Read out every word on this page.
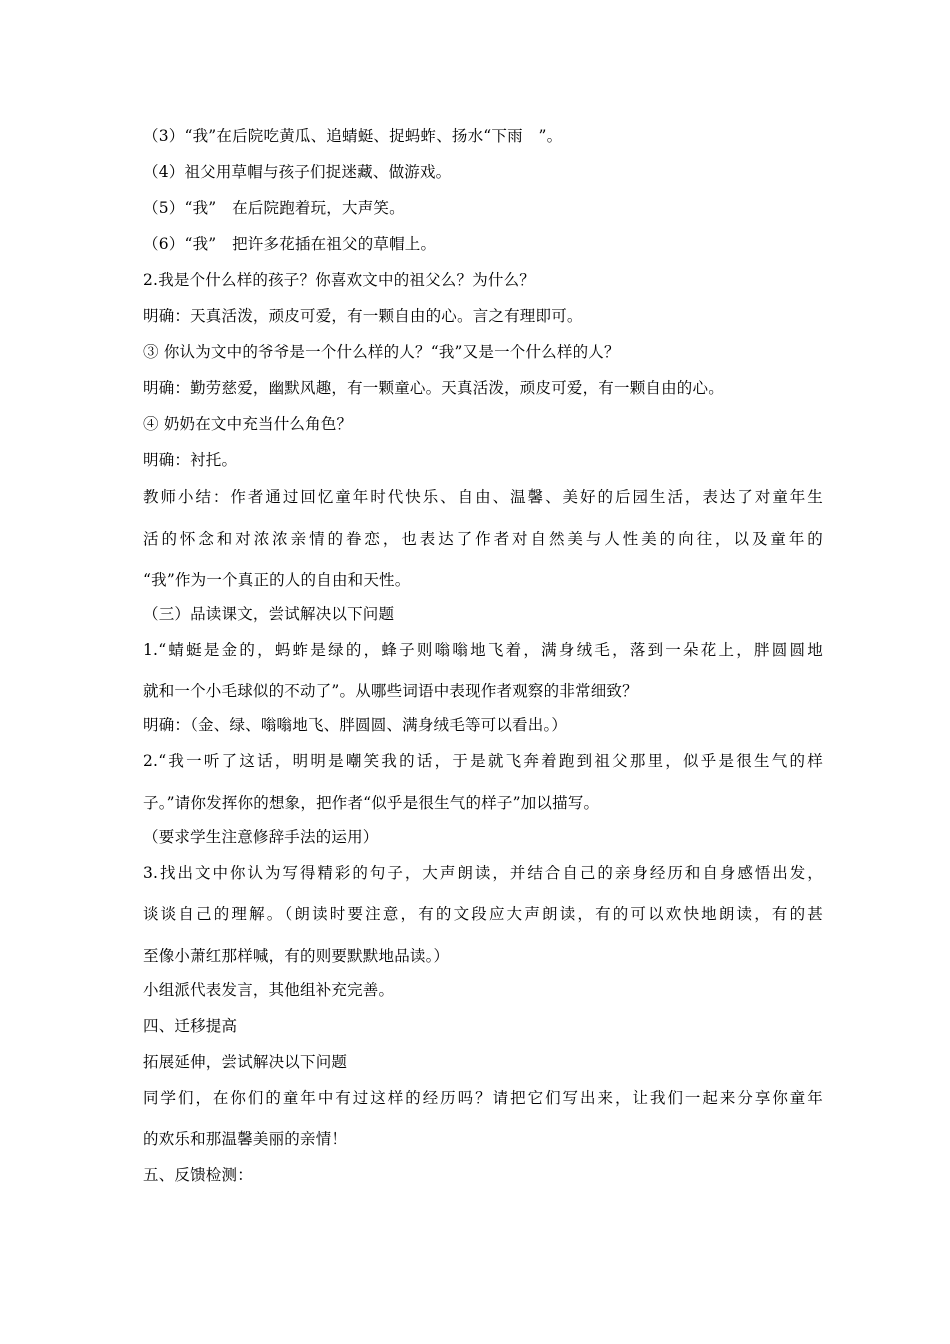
（3）“我”在后院吃黄瓜、追蜻蜓、捉蚂蚱、扬水“下雨　”。
（4）祖父用草帽与孩子们捉迷藏、做游戏。
（5）“我”　在后院跑着玩，大声笑。
（6）“我”　把许多花插在祖父的草帽上。
2.我是个什么样的孩子？你喜欢文中的祖父么？为什么？
明确：天真活泼，顽皮可爱，有一颗自由的心。言之有理即可。
③ 你认为文中的爷爷是一个什么样的人？“我”又是一个什么样的人？
明确：勤劳慈爱，幽默风趣，有一颗童心。天真活泼，顽皮可爱，有一颗自由的心。
④ 奶奶在文中充当什么角色？
明确：衬托。
教师小结：作者通过回忆童年时代快乐、自由、温馨、美好的后园生活，表达了对童年生
活的怀念和对浓浓亲情的眷恋，也表达了作者对自然美与人性美的向往，以及童年的
“我”作为一个真正的人的自由和天性。
（三）品读课文，尝试解决以下问题
1.“蜻蜓是金的，蚂蚱是绿的，蜂子则嗡嗡地飞着，满身绒毛，落到一朵花上，胖圆圆地
就和一个小毛球似的不动了”。从哪些词语中表现作者观察的非常细致？
明确：（金、绿、嗡嗡地飞、胖圆圆、满身绒毛等可以看出。）
2.“我一听了这话，明明是嘲笑我的话，于是就飞奔着跑到祖父那里，似乎是很生气的样
子。”请你发挥你的想象，把作者“似乎是很生气的样子”加以描写。
（要求学生注意修辞手法的运用）
3.找出文中你认为写得精彩的句子，大声朗读，并结合自己的亲身经历和自身感悟出发，
谈谈自己的理解。（朗读时要注意，有的文段应大声朗读，有的可以欢快地朗读，有的甚
至像小萧红那样喊，有的则要默默地品读。）
小组派代表发言，其他组补充完善。
四、迁移提高
拓展延伸，尝试解决以下问题
同学们，在你们的童年中有过这样的经历吗？请把它们写出来，让我们一起来分享你童年
的欢乐和那温馨美丽的亲情！
五、反馈检测：
